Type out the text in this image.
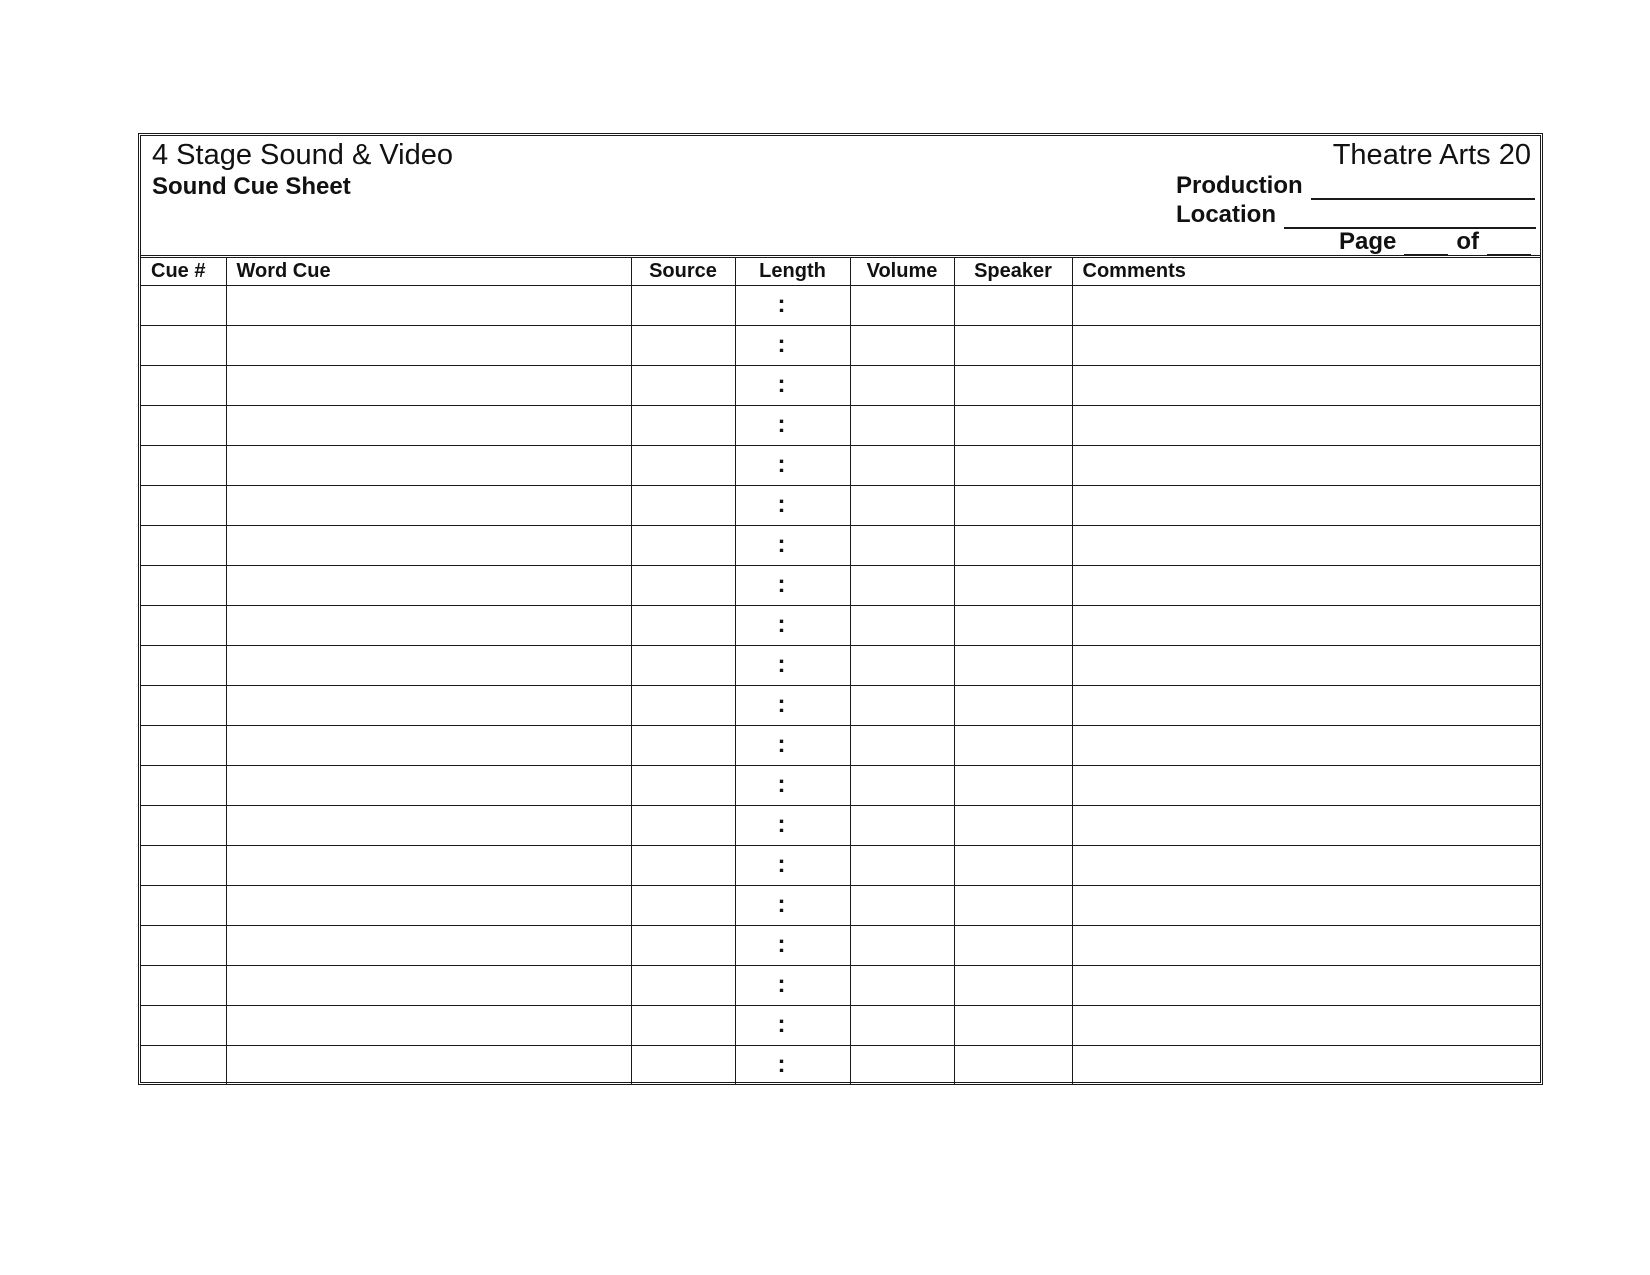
4 Stage Sound & Video
Sound Cue Sheet
Theatre Arts 20
Production
Location
Page	of
Cue #	Word Cue	Source	Length	Volume	Speaker	Comments
			:			
			:			
			:			
			:			
			:			
			:			
			:			
			:			
			:			
			:			
			:			
			:			
			:			
			:			
			:			
			:			
			:			
			:			
			:			
			:			
